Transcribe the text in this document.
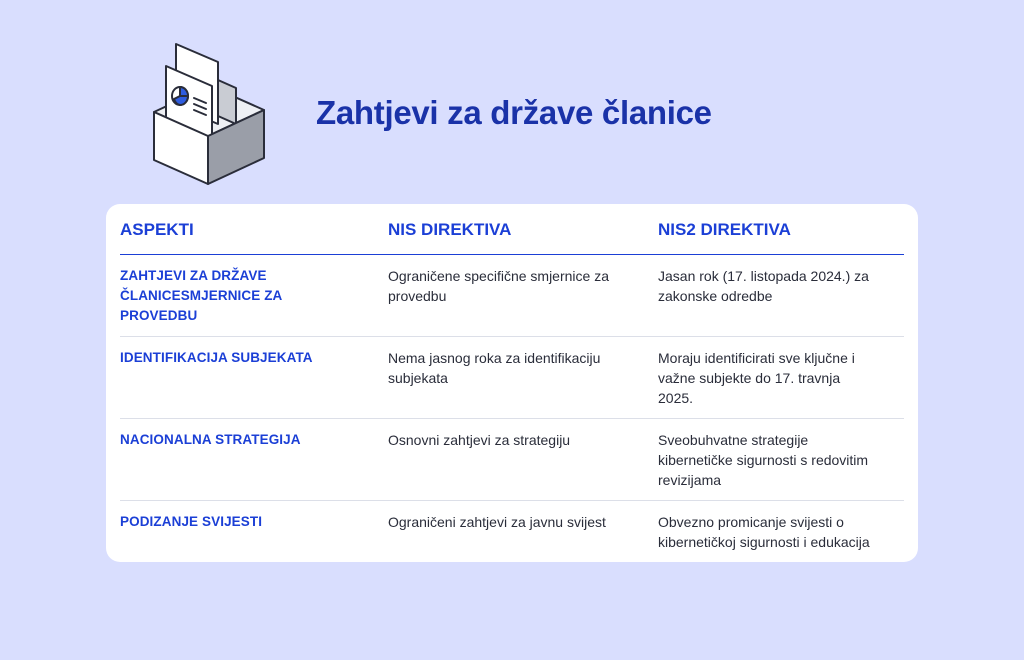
Zahtjevi za države članice
ASPEKTI	NIS DIREKTIVA	NIS2 DIREKTIVA

ZAHTJEVI ZA DRŽAVE ČLANICESMJERNICE ZA PROVEDBU	Ograničene specifične smjernice za provedbu	Jasan rok (17. listopada 2024.) za zakonske odredbe

IDENTIFIKACIJA SUBJEKATA	Nema jasnog roka za identifikaciju subjekata	Moraju identificirati sve ključne i važne subjekte do 17. travnja 2025.

NACIONALNA STRATEGIJA	Osnovni zahtjevi za strategiju	Sveobuhvatne strategije kibernetičke sigurnosti s redovitim revizijama

PODIZANJE SVIJESTI	Ograničeni zahtjevi za javnu svijest	Obvezno promicanje svijesti o kibernetičkoj sigurnosti i edukacija
